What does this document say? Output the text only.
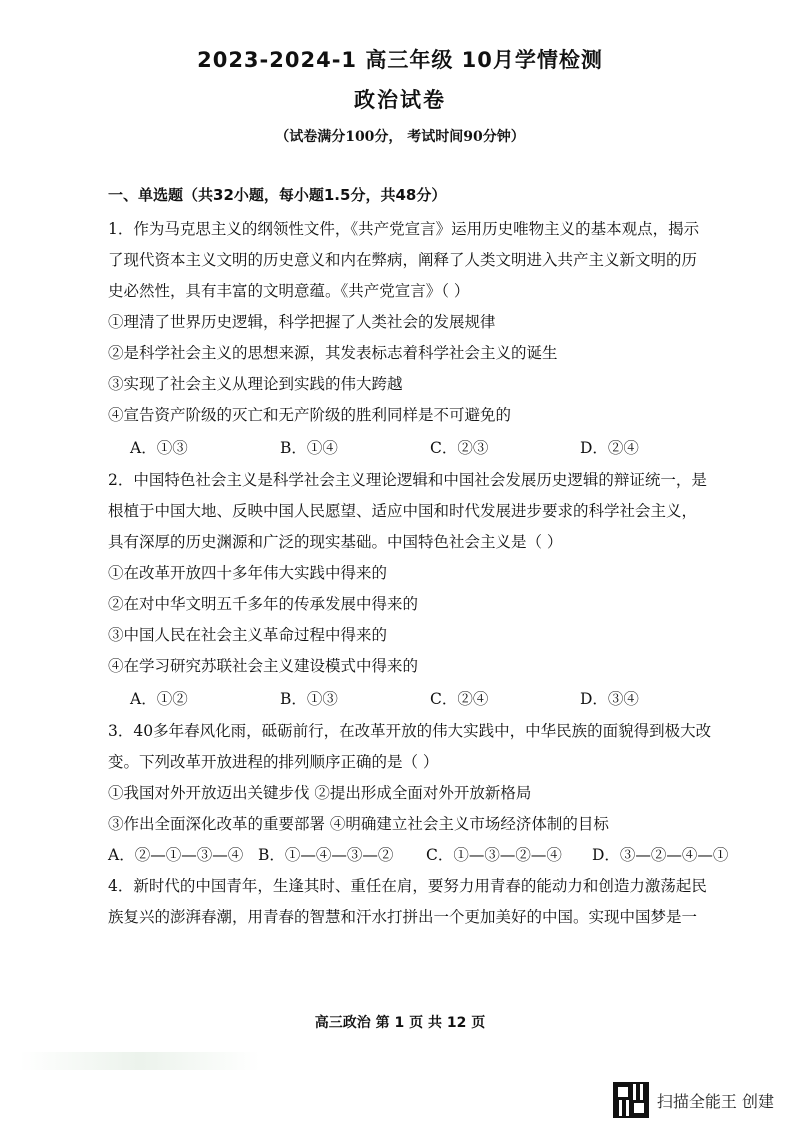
2023-2024-1 高三年级 10月学情检测
政治试卷
（试卷满分100分， 考试时间90分钟）
一、单选题（共32小题，每小题1.5分，共48分）
1．作为马克思主义的纲领性文件，《共产党宣言》运用历史唯物主义的基本观点，揭示
了现代资本主义文明的历史意义和内在弊病，阐释了人类文明进入共产主义新文明的历
史必然性，具有丰富的文明意蕴。《共产党宣言》（ ）
①理清了世界历史逻辑，科学把握了人类社会的发展规律
②是科学社会主义的思想来源，其发表标志着科学社会主义的诞生
③实现了社会主义从理论到实践的伟大跨越
④宣告资产阶级的灭亡和无产阶级的胜利同样是不可避免的
A．①③	B．①④	C．②③	D．②④
2．中国特色社会主义是科学社会主义理论逻辑和中国社会发展历史逻辑的辩证统一，是
根植于中国大地、反映中国人民愿望、适应中国和时代发展进步要求的科学社会主义，
具有深厚的历史渊源和广泛的现实基础。中国特色社会主义是（ ）
①在改革开放四十多年伟大实践中得来的
②在对中华文明五千多年的传承发展中得来的
③中国人民在社会主义革命过程中得来的
④在学习研究苏联社会主义建设模式中得来的
A．①②	B．①③	C．②④	D．③④
3．40多年春风化雨，砥砺前行，在改革开放的伟大实践中，中华民族的面貌得到极大改
变。下列改革开放进程的排列顺序正确的是（ ）
①我国对外开放迈出关键步伐 ②提出形成全面对外开放新格局
③作出全面深化改革的重要部署 ④明确建立社会主义市场经济体制的目标
A．②—①—③—④ B．①—④—③—②	C．①—③—②—④	D．③—②—④—①
4．新时代的中国青年，生逢其时、重任在肩，要努力用青春的能动力和创造力激荡起民
族复兴的澎湃春潮，用青春的智慧和汗水打拼出一个更加美好的中国。实现中国梦是一
高三政治 第 1 页 共 12 页
扫描全能王 创建
